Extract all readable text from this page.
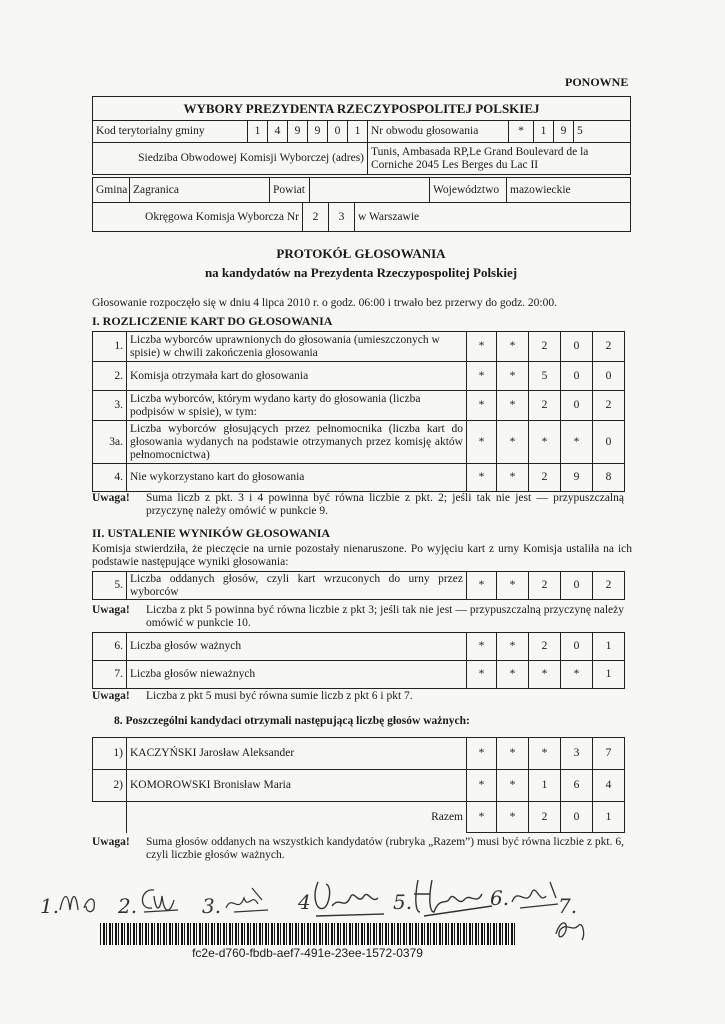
PONOWNE
WYBORY PREZYDENTA RZECZYPOSPOLITEJ POLSKIEJ											
Kod terytorialny gminy	1	4	9	9	0	1	Nr obwodu głosowania	*	1	9	5
Siedziba Obwodowej Komisji Wyborczej (adres)							Tunis, Ambasada RP,Le Grand Boulevard de la Corniche 2045 Les Berges du Lac II				
Gmina	Zagranica	Powiat		Województwo	mazowieckie
Okręgowa Komisja Wyborcza Nr	2	3	w Warszawie
PROTOKÓŁ GŁOSOWANIA
na kandydatów na Prezydenta Rzeczypospolitej Polskiej
Głosowanie rozpoczęło się w dniu 4 lipca 2010 r. o godz. 06:00 i trwało bez przerwy do godz. 20:00.
I. ROZLICZENIE KART DO GŁOSOWANIA
1.	Liczba wyborców uprawnionych do głosowania (umieszczonych w spisie) w chwili zakończenia głosowania	*	*	2	0	2
2.	Komisja otrzymała kart do głosowania	*	*	5	0	0
3.	Liczba wyborców, którym wydano karty do głosowania (liczba podpisów w spisie), w tym:	*	*	2	0	2
3a.	Liczba wyborców głosujących przez pełnomocnika (liczba kart do głosowania wydanych na podstawie otrzymanych przez komisję aktów pełnomocnictwa)	*	*	*	*	0
4.	Nie wykorzystano kart do głosowania	*	*	2	9	8
Uwaga! Suma liczb z pkt. 3 i 4 powinna być równa liczbie z pkt. 2; jeśli tak nie jest — przypuszczalną przyczynę należy omówić w punkcie 9.
II. USTALENIE WYNIKÓW GŁOSOWANIA
Komisja stwierdziła, że pieczęcie na urnie pozostały nienaruszone. Po wyjęciu kart z urny Komisja ustaliła na ich podstawie następujące wyniki głosowania:
5.	Liczba oddanych głosów, czyli kart wrzuconych do urny przez wyborców	*	*	2	0	2
Uwaga! Liczba z pkt 5 powinna być równa liczbie z pkt 3; jeśli tak nie jest — przypuszczalną przyczynę należy omówić w punkcie 10.
6.	Liczba głosów ważnych	*	*	2	0	1
7.	Liczba głosów nieważnych	*	*	*	*	1
Uwaga! Liczba z pkt 5 musi być równa sumie liczb z pkt 6 i pkt 7.
8. Poszczególni kandydaci otrzymali następującą liczbę głosów ważnych:
1)	KACZYŃSKI Jarosław Aleksander	*	*	*	3	7
2)	KOMOROWSKI Bronisław Maria	*	*	1	6	4
	Razem	*	*	2	0	1
Uwaga! Suma głosów oddanych na wszystkich kandydatów (rubryka „Razem”) musi być równa liczbie z pkt. 6, czyli liczbie głosów ważnych.
1.	2.	3.	4	5.	6. 7.
fc2e-d760-fbdb-aef7-491e-23ee-1572-0379
